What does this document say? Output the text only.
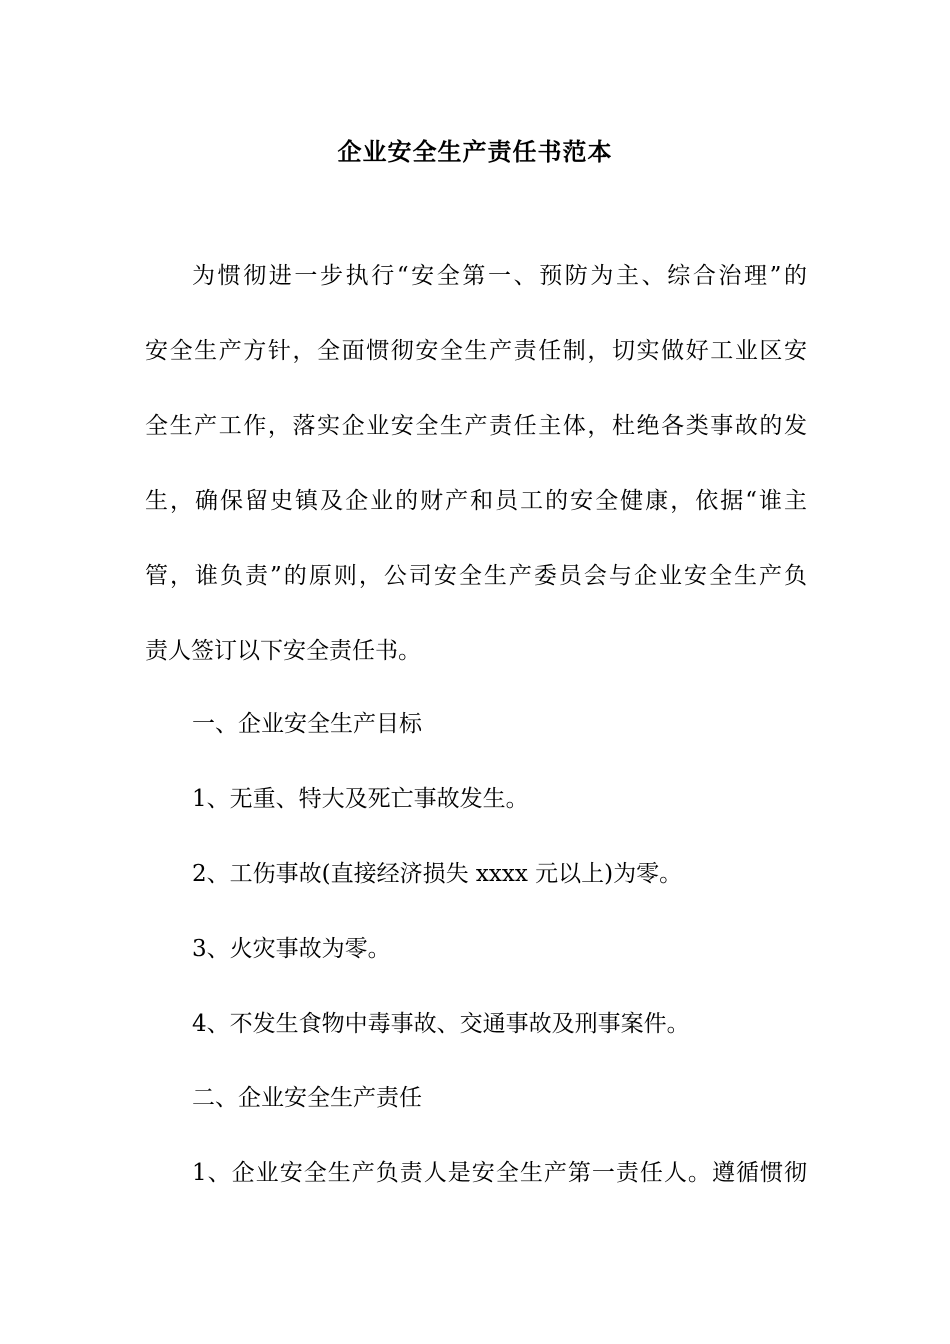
企业安全生产责任书范本
为惯彻进一步执行“安全第一、预防为主、综合治理”的
安全生产方针，全面惯彻安全生产责任制，切实做好工业区安
全生产工作，落实企业安全生产责任主体，杜绝各类事故的发
生，确保留史镇及企业的财产和员工的安全健康，依据“谁主
管，谁负责”的原则，公司安全生产委员会与企业安全生产负
责人签订以下安全责任书。
一、企业安全生产目标
1、无重、特大及死亡事故发生。
2、工伤事故(直接经济损失 xxxx 元以上)为零。
3、火灾事故为零。
4、不发生食物中毒事故、交通事故及刑事案件。
二、企业安全生产责任
1、企业安全生产负责人是安全生产第一责任人。遵循惯彻
